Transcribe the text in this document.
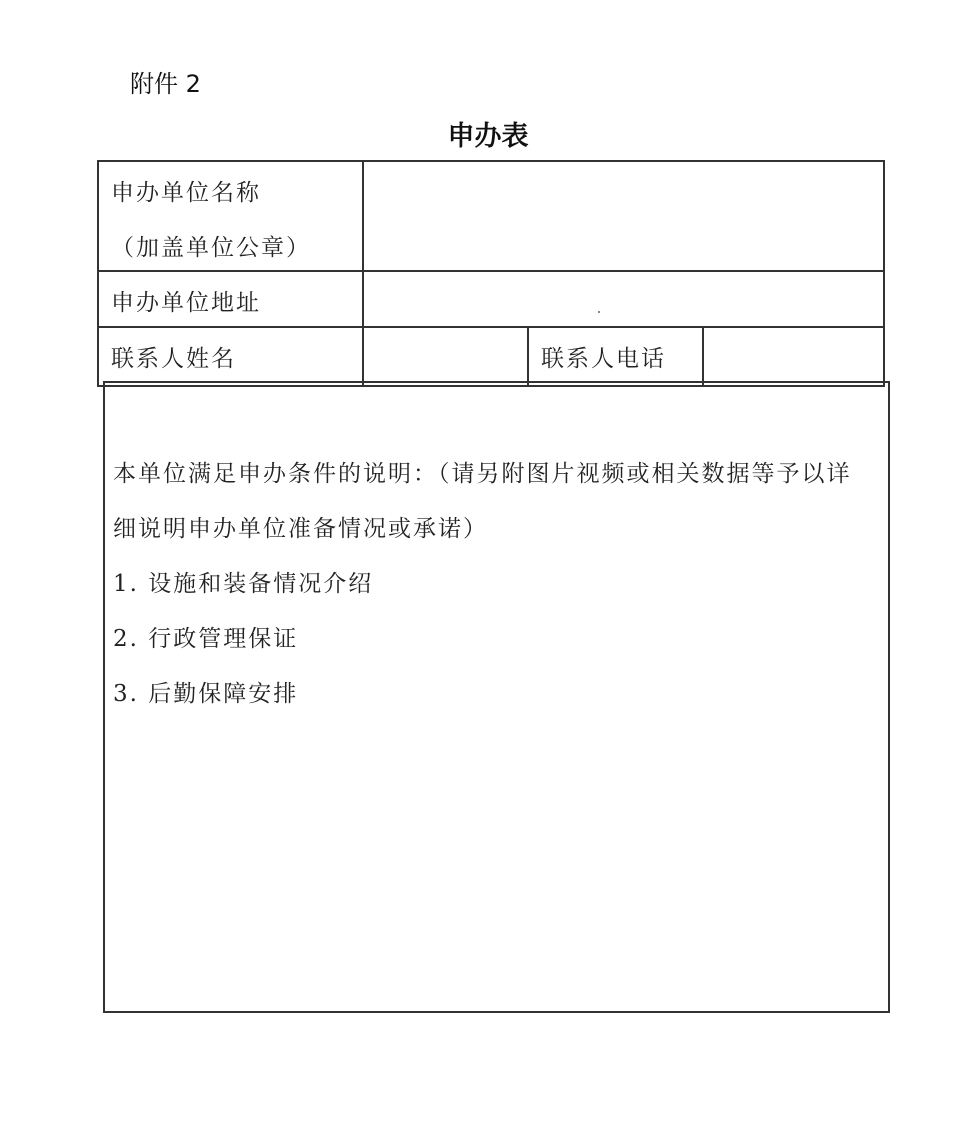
附件 2
申办表
申办单位名称
（加盖单位公章）
申办单位地址
联系人姓名	联系人电话

本单位满足申办条件的说明：（请另附图片视频或相关数据等予以详

细说明申办单位准备情况或承诺）

1. 设施和装备情况介绍

2. 行政管理保证

3. 后勤保障安排
